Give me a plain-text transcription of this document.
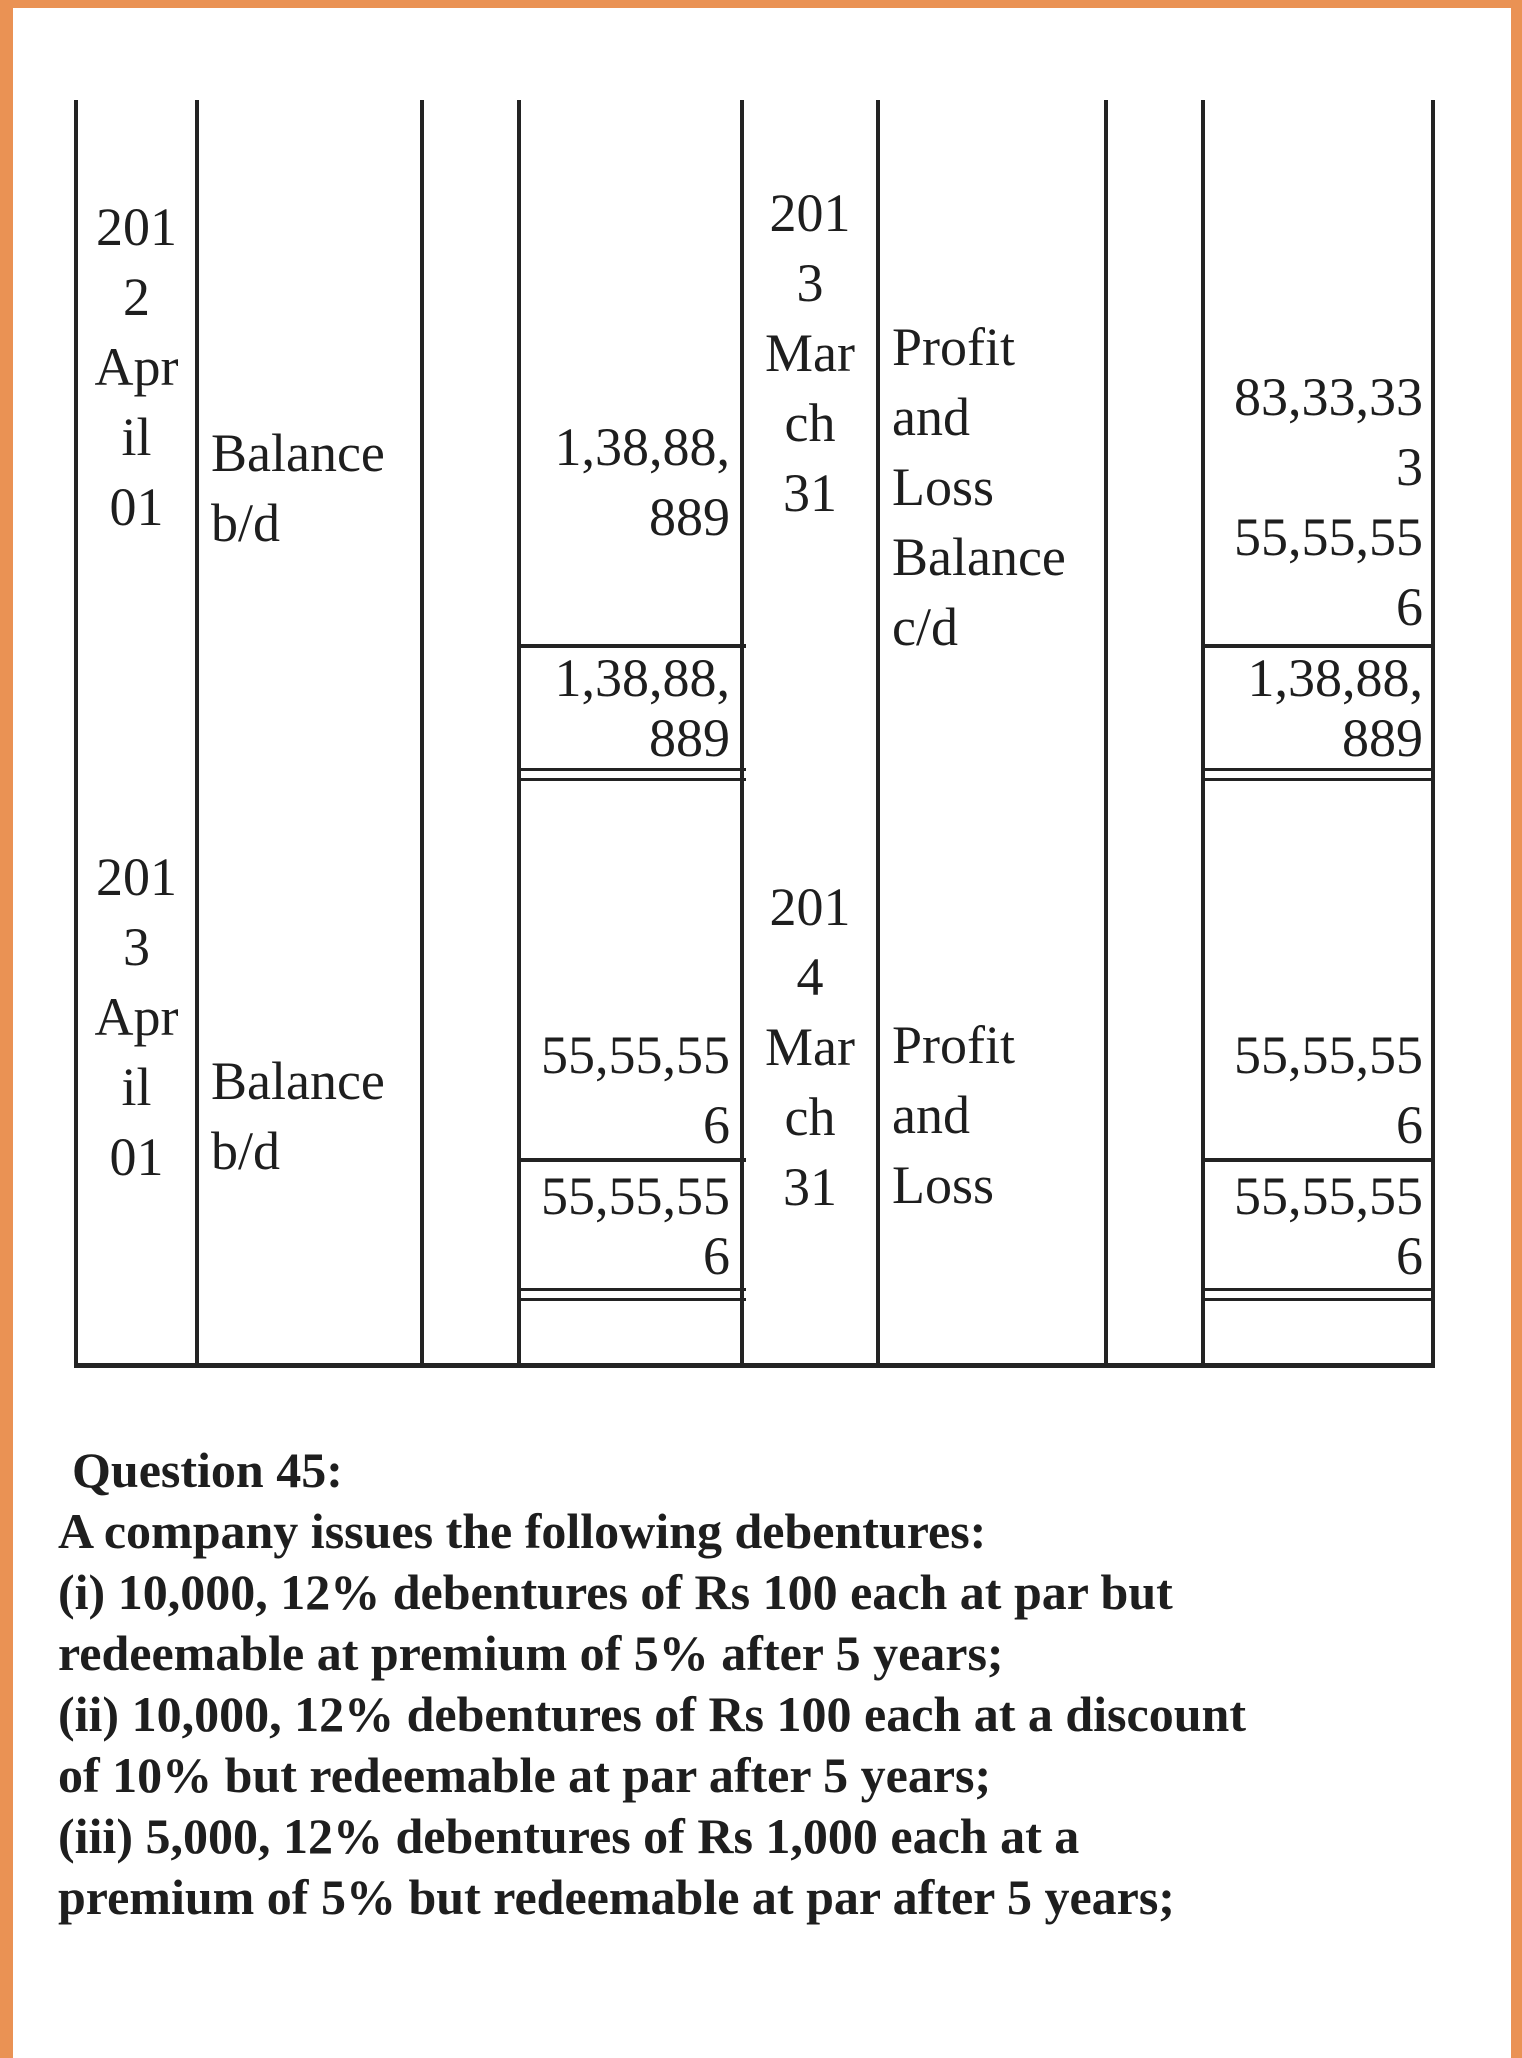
201
2
Apr
il
01
Balance
b/d
1,38,88,
889
1,38,88,
889
201
3
Mar
ch
31
Profit
and
Loss
Balance
c/d
83,33,33
3
55,55,55
6
1,38,88,
889
201
3
Apr
il
01
Balance
b/d
55,55,55
6
55,55,55
6
201
4
Mar
ch
31
Profit
and
Loss
55,55,55
6
55,55,55
6
Question 45:
A company issues the following debentures:
(i) 10,000, 12% debentures of Rs 100 each at par but
redeemable at premium of 5% after 5 years;
(ii) 10,000, 12% debentures of Rs 100 each at a discount
of 10% but redeemable at par after 5 years;
(iii) 5,000, 12% debentures of Rs 1,000 each at a
premium of 5% but redeemable at par after 5 years;
